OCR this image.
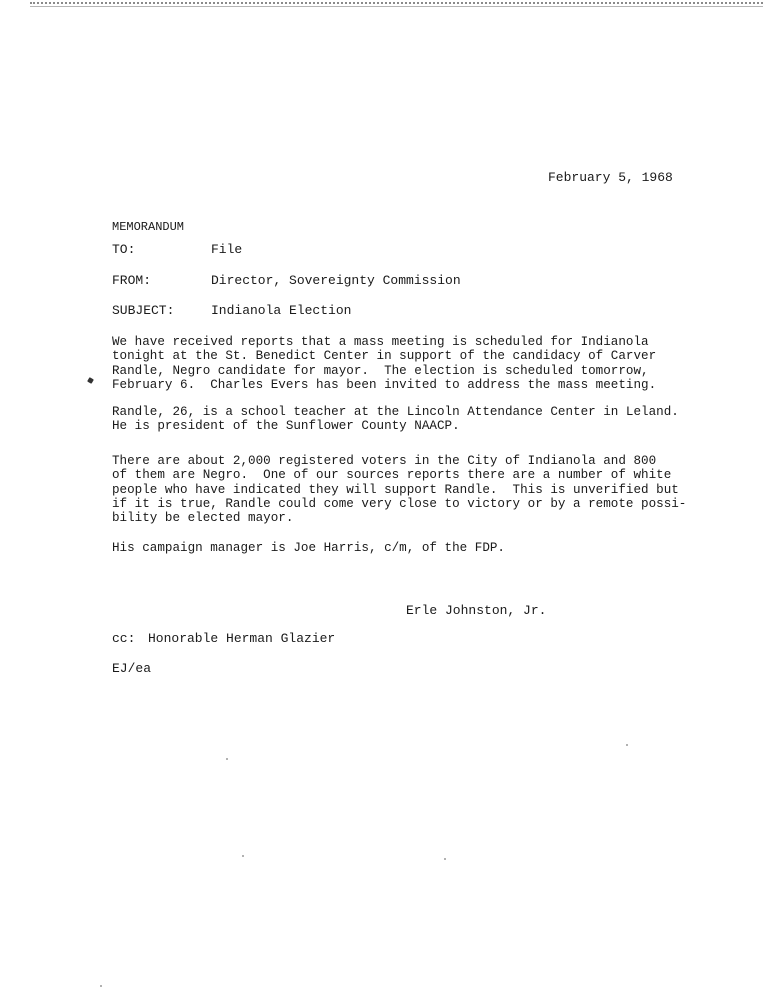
February 5, 1968
MEMORANDUM
TO:	File
FROM:	Director, Sovereignty Commission
SUBJECT:	Indianola Election
We have received reports that a mass meeting is scheduled for Indianola
tonight at the St. Benedict Center in support of the candidacy of Carver
Randle, Negro candidate for mayor.  The election is scheduled tomorrow,
February 6.  Charles Evers has been invited to address the mass meeting.
Randle, 26, is a school teacher at the Lincoln Attendance Center in Leland.
He is president of the Sunflower County NAACP.
There are about 2,000 registered voters in the City of Indianola and 800
of them are Negro.  One of our sources reports there are a number of white
people who have indicated they will support Randle.  This is unverified but
if it is true, Randle could come very close to victory or by a remote possi-
bility be elected mayor.
His campaign manager is Joe Harris, c/m, of the FDP.
Erle Johnston, Jr.
cc: Honorable Herman Glazier
EJ/ea
